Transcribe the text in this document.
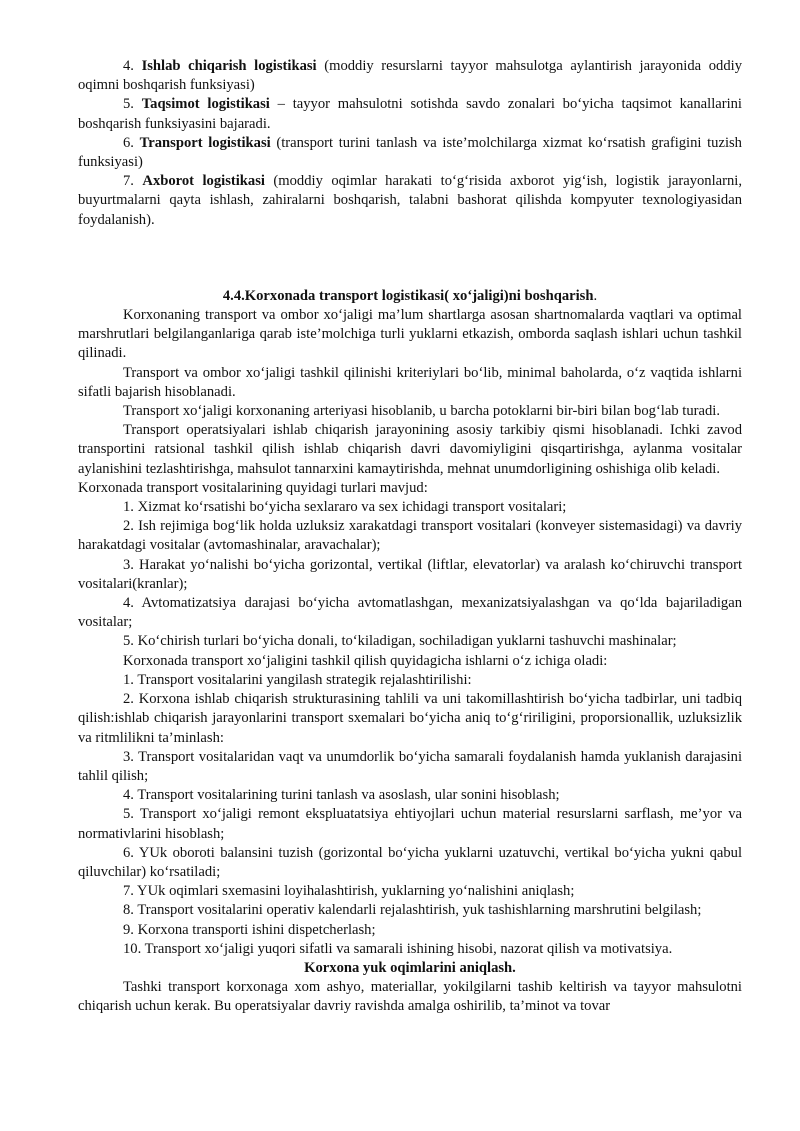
4. Ishlab chiqarish logistikasi (moddiy resurslarni tayyor mahsulotga aylantirish jarayonida oddiy oqimni boshqarish funksiyasi)

5. Taqsimot logistikasi – tayyor mahsulotni sotishda savdo zonalari bo‘yicha taqsimot kanallarini boshqarish funksiyasini bajaradi.

6. Transport logistikasi (transport turini tanlash va iste’molchilarga xizmat ko‘rsatish grafigini tuzish funksiyasi)

7. Axborot logistikasi (moddiy oqimlar harakati to‘g‘risida axborot yig‘ish, logistik jarayonlarni, buyurtmalarni qayta ishlash, zahiralarni boshqarish, talabni bashorat qilishda kompyuter texnologiyasidan foydalanish).

4.4.Korxonada transport logistikasi( xo‘jaligi)ni boshqarish.

Korxonaning transport va ombor xo‘jaligi ma’lum shartlarga asosan shartnomalarda vaqtlari va optimal marshrutlari belgilanganlariga qarab iste’molchiga turli yuklarni etkazish, omborda saqlash ishlari uchun tashkil qilinadi.

Transport va ombor xo‘jaligi tashkil qilinishi kriteriylari bo‘lib, minimal baholarda, o‘z vaqtida ishlarni sifatli bajarish hisoblanadi.

Transport xo‘jaligi korxonaning arteriyasi hisoblanib, u barcha potoklarni bir-biri bilan bog‘lab turadi.

Transport operatsiyalari ishlab chiqarish jarayonining asosiy tarkibiy qismi hisoblanadi. Ichki zavod transportini ratsional tashkil qilish ishlab chiqarish davri davomiyligini qisqartirishga, aylanma vositalar aylanishini tezlashtirishga, mahsulot tannarxini kamaytirishda, mehnat unumdorligining oshishiga olib keladi.

Korxonada transport vositalarining quyidagi turlari mavjud:

1. Xizmat ko‘rsatishi bo‘yicha sexlararo va sex ichidagi transport vositalari;

2. Ish rejimiga bog‘lik holda uzluksiz xarakatdagi transport vositalari (konveyer sistemasidagi) va davriy harakatdagi vositalar (avtomashinalar, aravachalar);

3. Harakat yo‘nalishi bo‘yicha gorizontal, vertikal (liftlar, elevatorlar) va aralash ko‘chiruvchi transport vositalari(kranlar);

4. Avtomatizatsiya darajasi bo‘yicha avtomatlashgan, mexanizatsiyalashgan va qo‘lda bajariladigan vositalar;

5. Ko‘chirish turlari bo‘yicha donali, to‘kiladigan, sochiladigan yuklarni tashuvchi mashinalar;

Korxonada transport xo‘jaligini tashkil qilish quyidagicha ishlarni o‘z ichiga oladi:

1. Transport vositalarini yangilash strategik rejalashtirilishi:

2. Korxona ishlab chiqarish strukturasining tahlili va uni takomillashtirish bo‘yicha tadbirlar, uni tadbiq qilish:ishlab chiqarish jarayonlarini transport sxemalari bo‘yicha aniq to‘g‘ririligini, proporsionallik, uzluksizlik va ritmlilikni ta’minlash:

3. Transport vositalaridan vaqt va unumdorlik bo‘yicha samarali foydalanish hamda yuklanish darajasini tahlil qilish;

4. Transport vositalarining turini tanlash va asoslash, ular sonini hisoblash;

5. Transport xo‘jaligi remont ekspluatatsiya ehtiyojlari uchun material resurslarni sarflash, me’yor va normativlarini hisoblash;

6. YUk oboroti balansini tuzish (gorizontal bo‘yicha yuklarni uzatuvchi, vertikal bo‘yicha yukni qabul qiluvchilar) ko‘rsatiladi;

7. YUk oqimlari sxemasini loyihalashtirish, yuklarning yo‘nalishini aniqlash;

8. Transport vositalarini operativ kalendarli rejalashtirish, yuk tashishlarning marshrutini belgilash;

9. Korxona transporti ishini dispetcherlash;

10. Transport xo‘jaligi yuqori sifatli va samarali ishining hisobi, nazorat qilish va motivatsiya.

Korxona yuk oqimlarini aniqlash.

Tashki transport korxonaga xom ashyo, materiallar, yokilgilarni tashib keltirish va tayyor mahsulotni chiqarish uchun kerak. Bu operatsiyalar davriy ravishda amalga oshirilib, ta’minot va tovar
